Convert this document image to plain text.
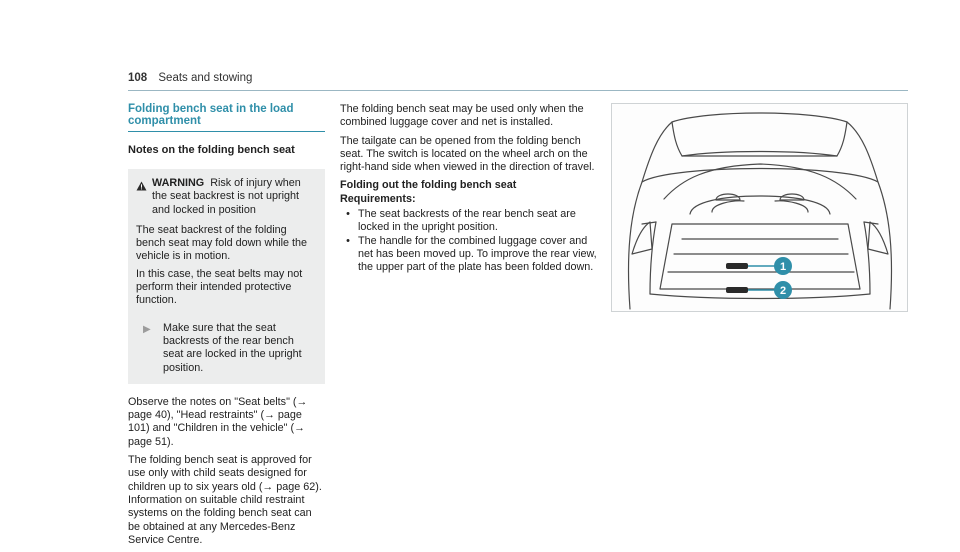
108 Seats and stowing
Folding bench seat in the load compartment
Notes on the folding bench seat
WARNING Risk of injury when the seat backrest is not upright and locked in position

The seat backrest of the folding bench seat may fold down while the vehicle is in motion.

In this case, the seat belts may not perform their intended protective function.

▶	Make sure that the seat backrests of the rear bench seat are locked in the upright position.

Observe the notes on "Seat belts" (→ page 40), "Head restraints" (→ page 101) and "Children in the vehicle" (→ page 51).

The folding bench seat is approved for use only with child seats designed for children up to six years old (→ page 62). Information on suitable child restraint systems on the folding bench seat can be obtained at any Mercedes-Benz Service Centre.

The folding bench seat may be used only when the combined luggage cover and net is installed.

The tailgate can be opened from the folding bench seat. The switch is located on the wheel arch on the right-hand side when viewed in the direction of travel.

Folding out the folding bench seat

Requirements:

• The seat backrests of the rear bench seat are locked in the upright position.
• The handle for the combined luggage cover and net has been moved up. To improve the rear view, the upper part of the plate has been folded down.	1
2
